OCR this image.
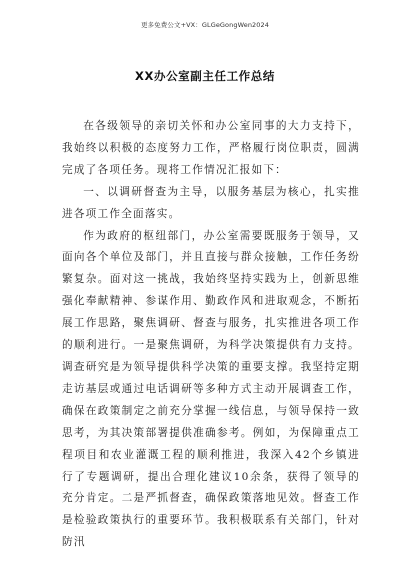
更多免费公文+VX：GLGeGongWen2024
XX办公室副主任工作总结

在各级领导的亲切关怀和办公室同事的大力支持下，我始终以积极的态度努力工作，严格履行岗位职责，圆满完成了各项任务。现将工作情况汇报如下：

一、以调研督查为主导，以服务基层为核心，扎实推进各项工作全面落实。

作为政府的枢纽部门，办公室需要既服务于领导，又面向各个单位及部门，并且直接与群众接触，工作任务纷繁复杂。面对这一挑战，我始终坚持实践为上，创新思维强化奉献精神、参谋作用、勤政作风和进取观念，不断拓展工作思路，聚焦调研、督查与服务，扎实推进各项工作的顺利进行。一是聚焦调研，为科学决策提供有力支持。调查研究是为领导提供科学决策的重要支撑。我坚持定期走访基层或通过电话调研等多种方式主动开展调查工作，确保在政策制定之前充分掌握一线信息，与领导保持一致思考，为其决策部署提供准确参考。例如，为保障重点工程项目和农业灌溉工程的顺利推进，我深入42个乡镇进行了专题调研，提出合理化建议10余条，获得了领导的充分肯定。二是严抓督查，确保政策落地见效。督查工作是检验政策执行的重要环节。我积极联系有关部门，针对防汛
